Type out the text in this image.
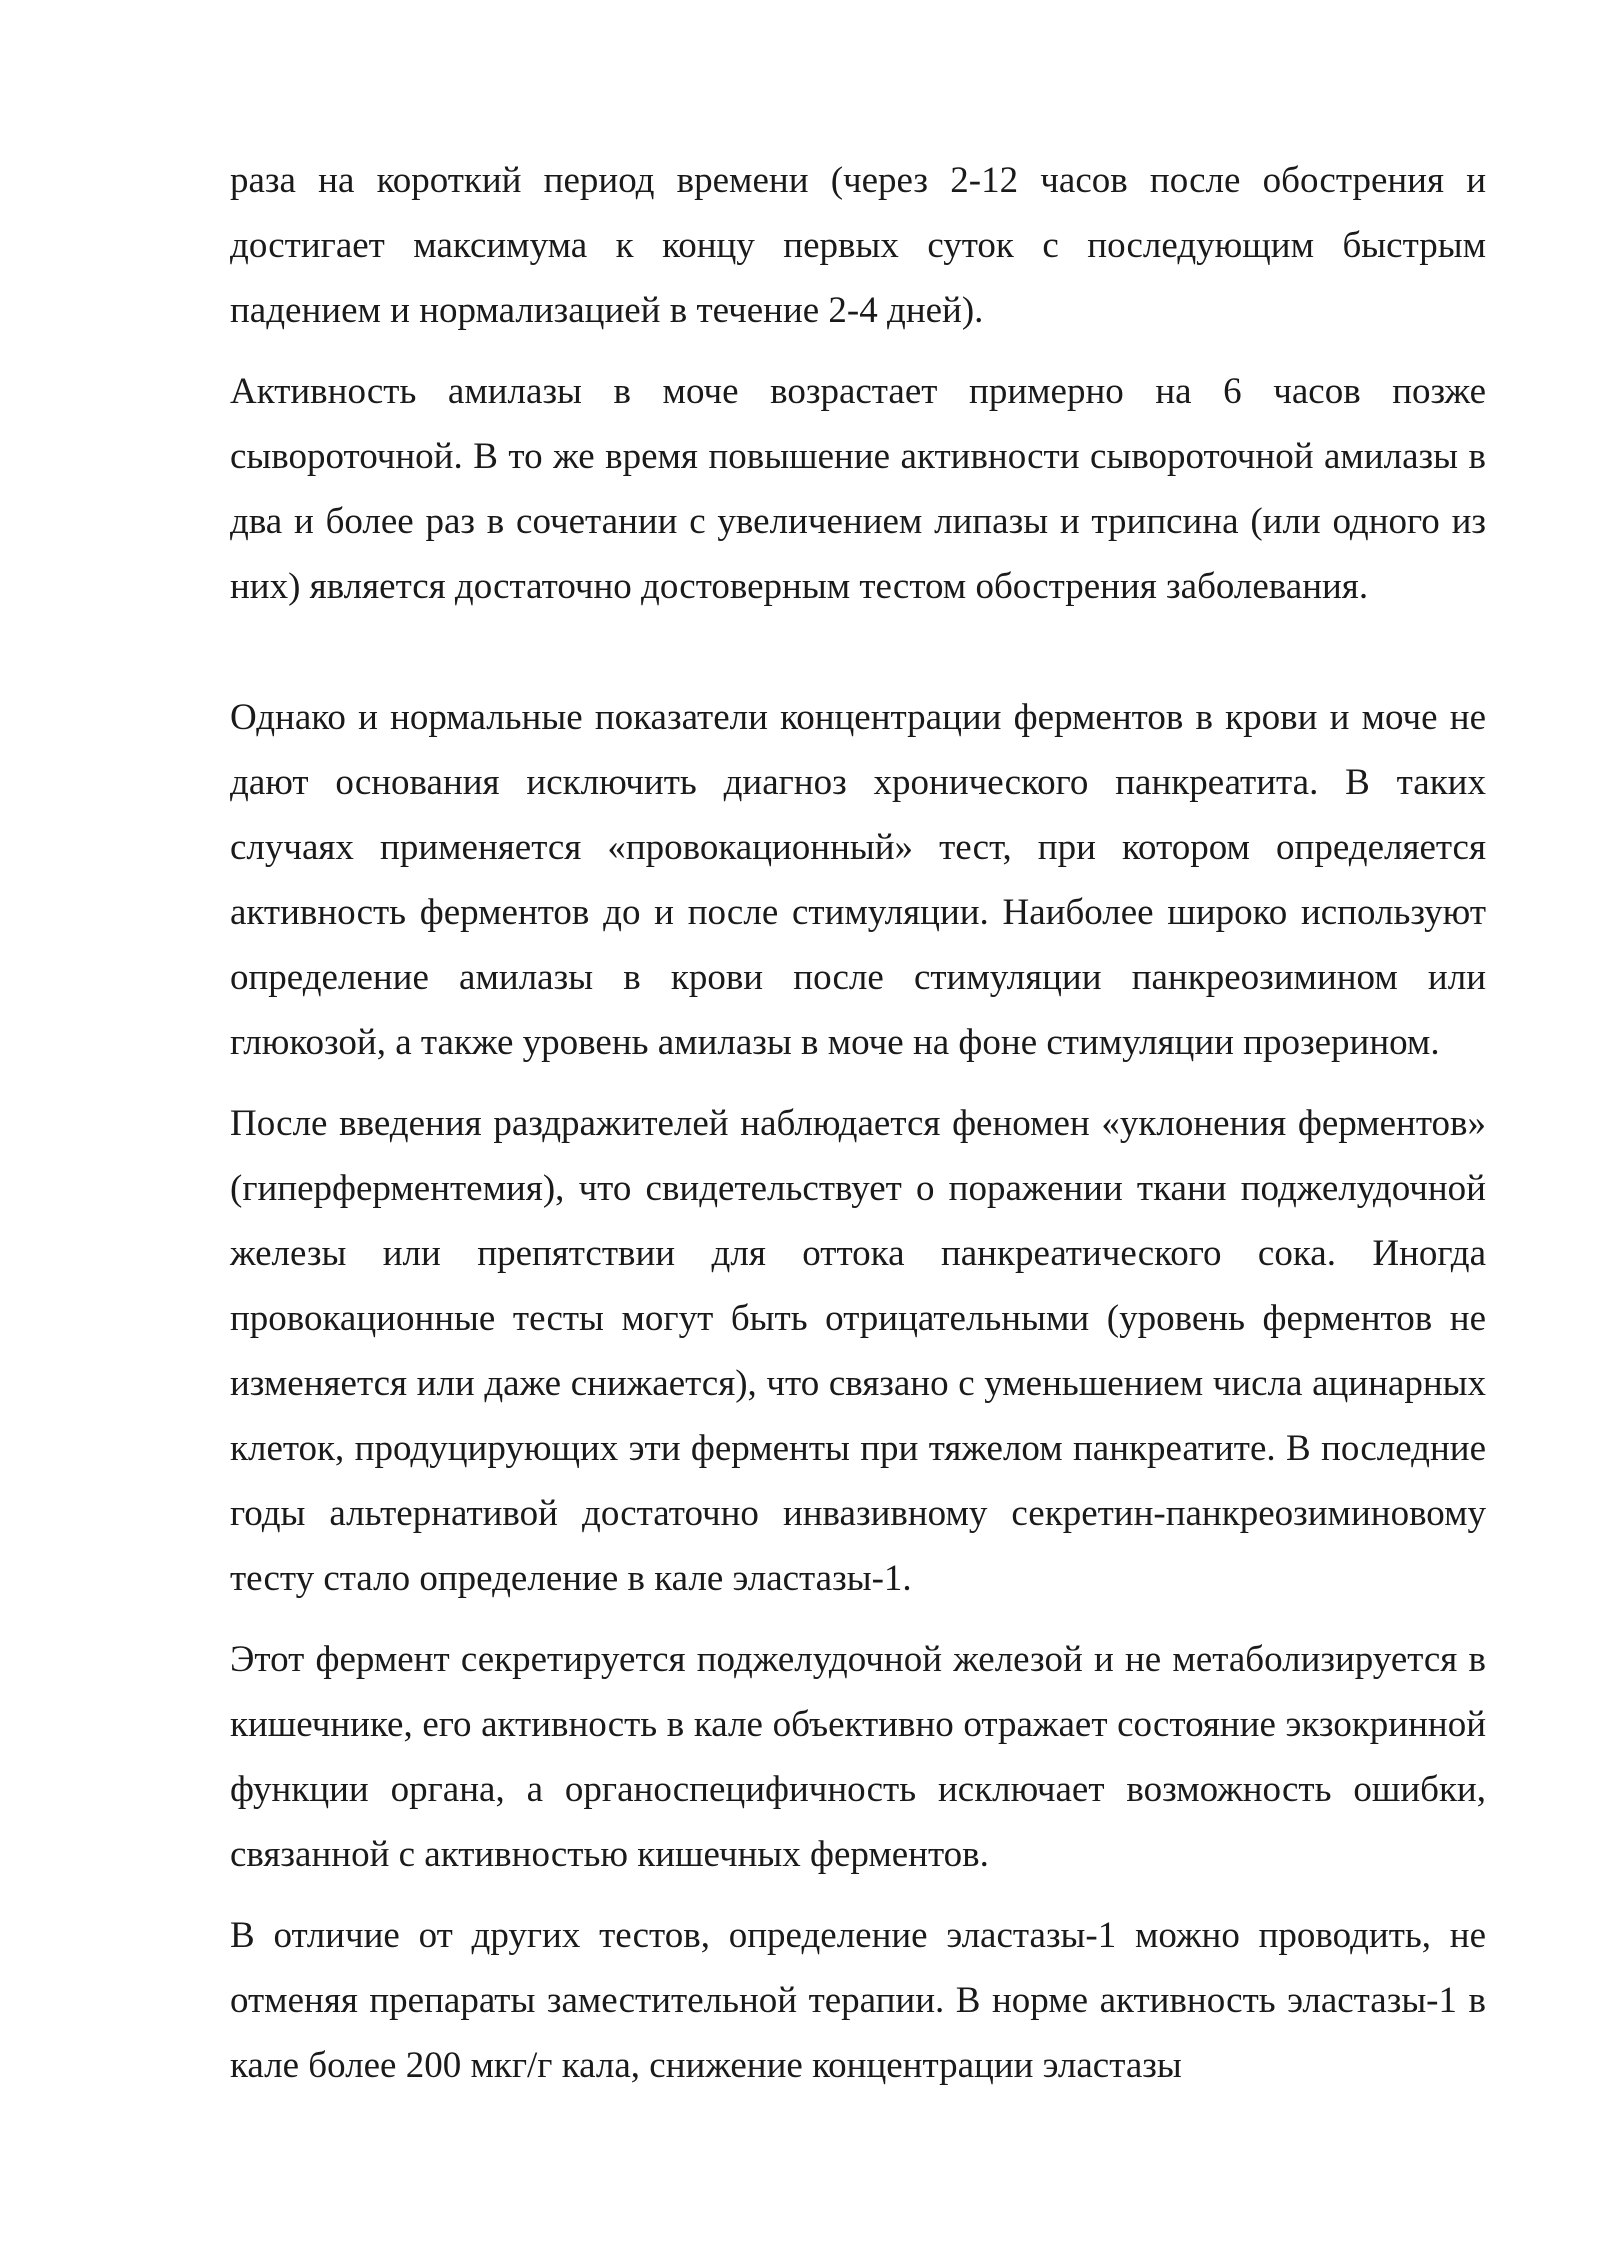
раза на короткий период времени (через 2-12 часов после обострения и достигает максимума к концу первых суток с последующим быстрым падением и нормализацией в течение 2-4 дней).

Активность амилазы в моче возрастает примерно на 6 часов позже сывороточной. В то же время повышение активности сывороточной амилазы в два и более раз в сочетании с увеличением липазы и трипсина (или одного из них) является достаточно достоверным тестом обострения заболевания.

Однако и нормальные показатели концентрации ферментов в крови и моче не дают основания исключить диагноз хронического панкреатита. В таких случаях применяется «провокационный» тест, при котором определяется активность ферментов до и после стимуляции. Наиболее широко используют определение амилазы в крови после стимуляции панкреозимином или глюкозой, а также уровень амилазы в моче на фоне стимуляции прозерином.

После введения раздражителей наблюдается феномен «уклонения ферментов» (гиперферментемия), что свидетельствует о поражении ткани поджелудочной железы или препятствии для оттока панкреатического сока. Иногда провокационные тесты могут быть отрицательными (уровень ферментов не изменяется или даже снижается), что связано с уменьшением числа ацинарных клеток, продуцирующих эти ферменты при тяжелом панкреатите. В последние годы альтернативой достаточно инвазивному секретин-панкреозиминовому тесту стало определение в кале эластазы-1.

Этот фермент секретируется поджелудочной железой и не метаболизируется в кишечнике, его активность в кале объективно отражает состояние экзокринной функции органа, а органоспецифичность исключает возможность ошибки, связанной с активностью кишечных ферментов.

В отличие от других тестов, определение эластазы-1 можно проводить, не отменяя препараты заместительной терапии. В норме активность эластазы-1 в кале более 200 мкг/г кала, снижение концентрации эластазы
